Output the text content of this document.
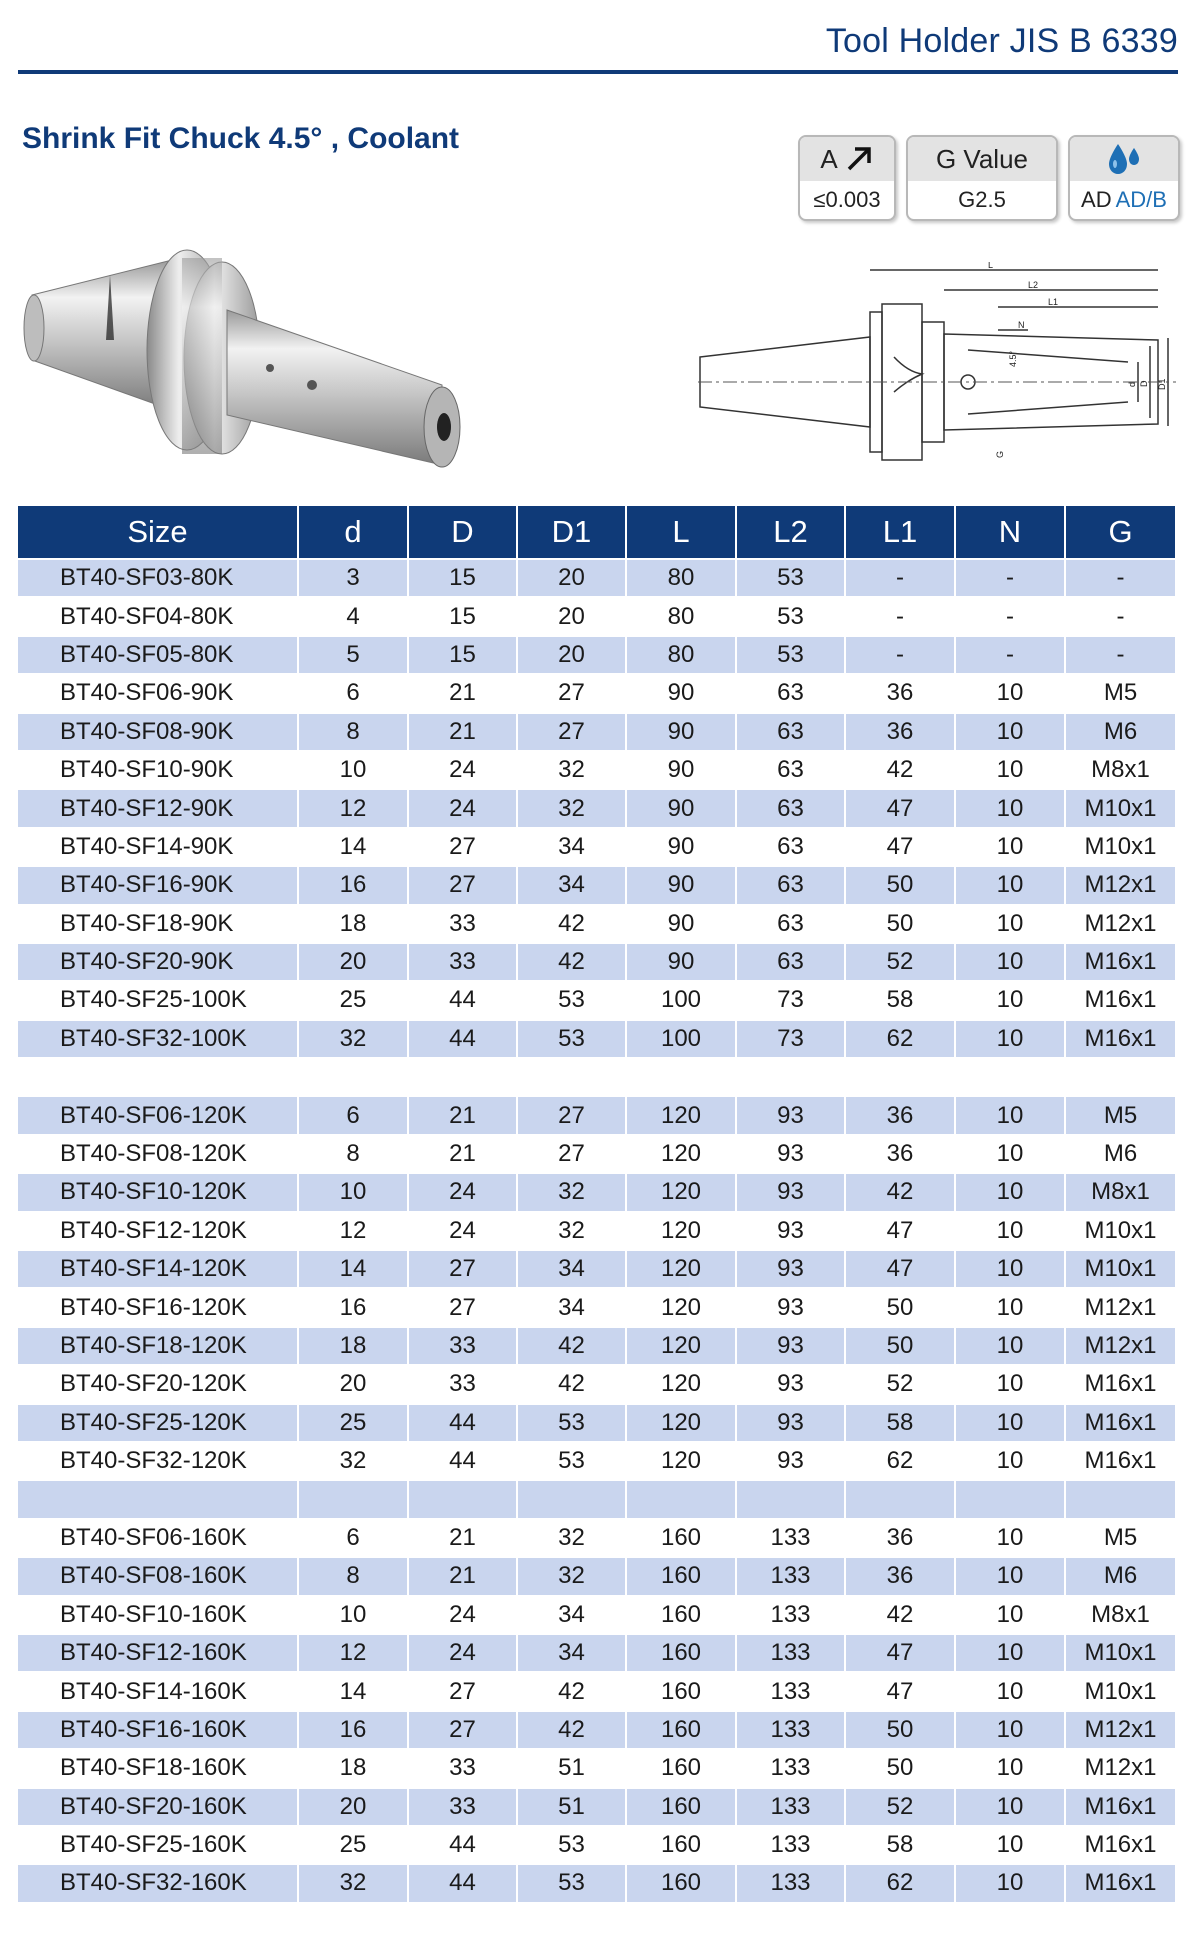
Tool Holder JIS B 6339
Shrink Fit Chuck 4.5° , Coolant
A
≤0.003
G Value
G2.5	AD AD/B
L
L2
L1
N
4.5°
d D D1
G
Size	d	D	D1	L	L2	L1	N	G
BT40-SF03-80K	3	15	20	80	53	-	-	-
BT40-SF04-80K	4	15	20	80	53	-	-	-
BT40-SF05-80K	5	15	20	80	53	-	-	-
BT40-SF06-90K	6	21	27	90	63	36	10	M5
BT40-SF08-90K	8	21	27	90	63	36	10	M6
BT40-SF10-90K	10	24	32	90	63	42	10	M8x1
BT40-SF12-90K	12	24	32	90	63	47	10	M10x1
BT40-SF14-90K	14	27	34	90	63	47	10	M10x1
BT40-SF16-90K	16	27	34	90	63	50	10	M12x1
BT40-SF18-90K	18	33	42	90	63	50	10	M12x1
BT40-SF20-90K	20	33	42	90	63	52	10	M16x1
BT40-SF25-100K	25	44	53	100	73	58	10	M16x1
BT40-SF32-100K	32	44	53	100	73	62	10	M16x1

BT40-SF06-120K	6	21	27	120	93	36	10	M5
BT40-SF08-120K	8	21	27	120	93	36	10	M6
BT40-SF10-120K	10	24	32	120	93	42	10	M8x1
BT40-SF12-120K	12	24	32	120	93	47	10	M10x1
BT40-SF14-120K	14	27	34	120	93	47	10	M10x1
BT40-SF16-120K	16	27	34	120	93	50	10	M12x1
BT40-SF18-120K	18	33	42	120	93	50	10	M12x1
BT40-SF20-120K	20	33	42	120	93	52	10	M16x1
BT40-SF25-120K	25	44	53	120	93	58	10	M16x1
BT40-SF32-120K	32	44	53	120	93	62	10	M16x1

BT40-SF06-160K	6	21	32	160	133	36	10	M5
BT40-SF08-160K	8	21	32	160	133	36	10	M6
BT40-SF10-160K	10	24	34	160	133	42	10	M8x1
BT40-SF12-160K	12	24	34	160	133	47	10	M10x1
BT40-SF14-160K	14	27	42	160	133	47	10	M10x1
BT40-SF16-160K	16	27	42	160	133	50	10	M12x1
BT40-SF18-160K	18	33	51	160	133	50	10	M12x1
BT40-SF20-160K	20	33	51	160	133	52	10	M16x1
BT40-SF25-160K	25	44	53	160	133	58	10	M16x1
BT40-SF32-160K	32	44	53	160	133	62	10	M16x1
